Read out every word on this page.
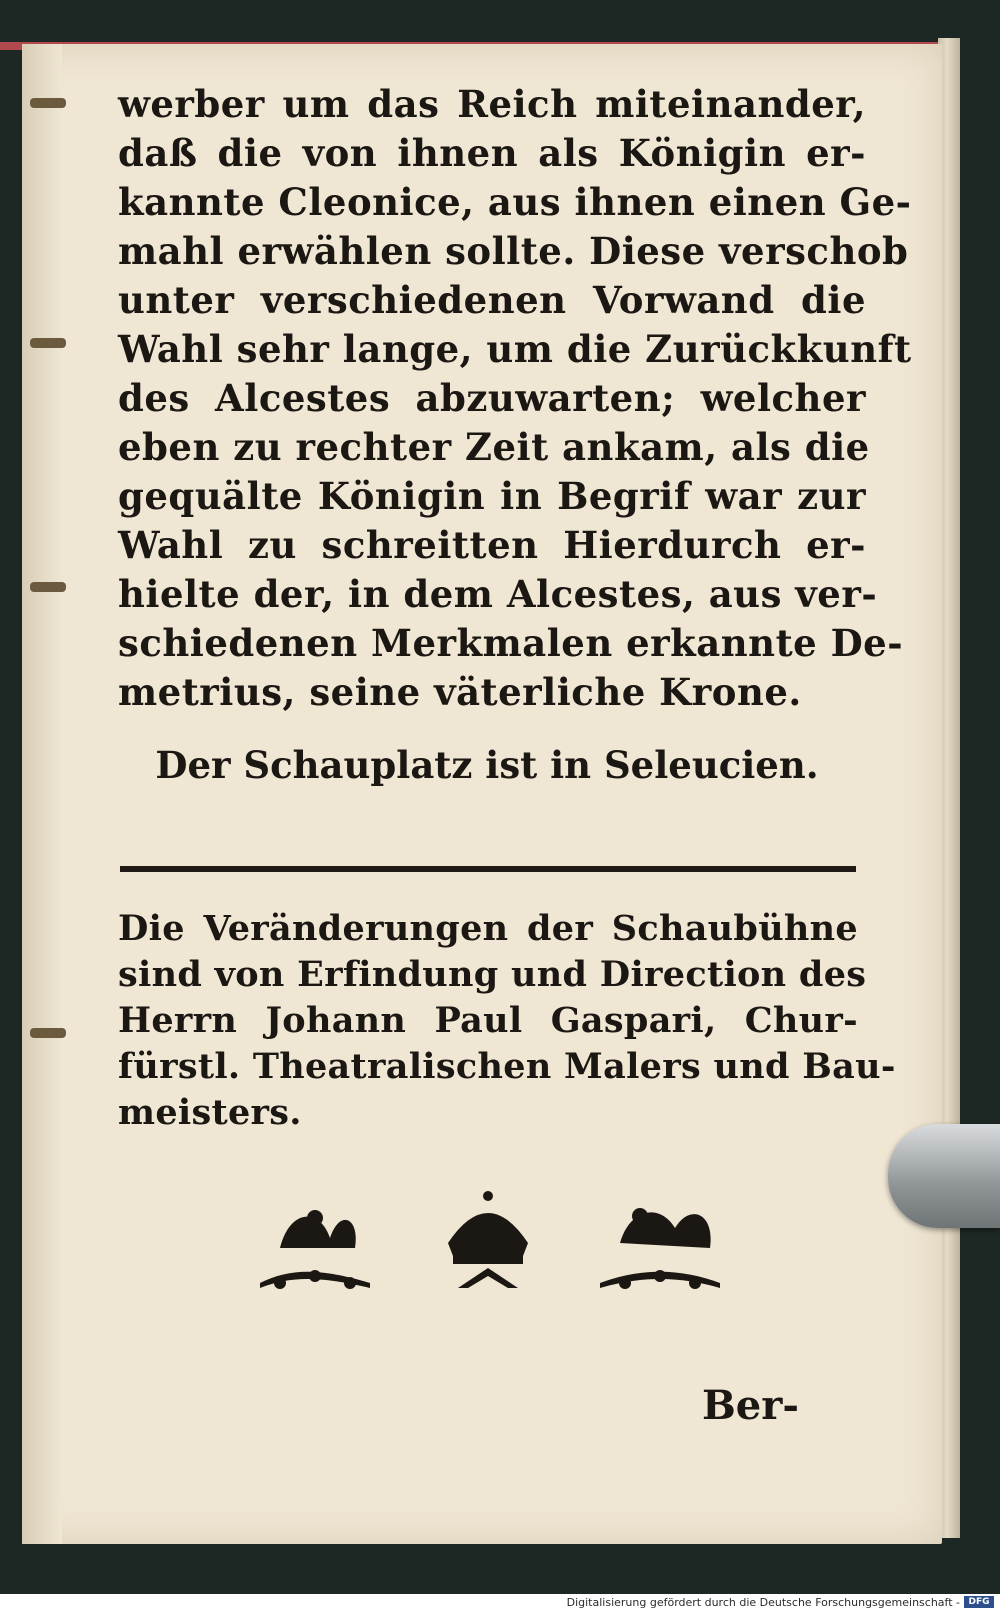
werber um das Reich miteinander,
daß die von ihnen als Königin er-
kannte Cleonice, aus ihnen einen Ge-
mahl erwählen sollte. Diese verschob
unter verschiedenen Vorwand die
Wahl sehr lange, um die Zurückkunft
des Alcestes abzuwarten; welcher
eben zu rechter Zeit ankam, als die
gequälte Königin in Begrif war zur
Wahl zu schreitten Hierdurch er-
hielte der, in dem Alcestes, aus ver-
schiedenen Merkmalen erkannte De-
metrius, seine väterliche Krone.

Der Schauplatz ist in Seleucien.

Die Veränderungen der Schaubühne
sind von Erfindung und Direction des
Herrn Johann Paul Gaspari, Chur-
fürstl. Theatralischen Malers und Bau-
meisters.
Ber-
Digitalisierung gefördert durch die Deutsche Forschungsgemeinschaft - DFG
